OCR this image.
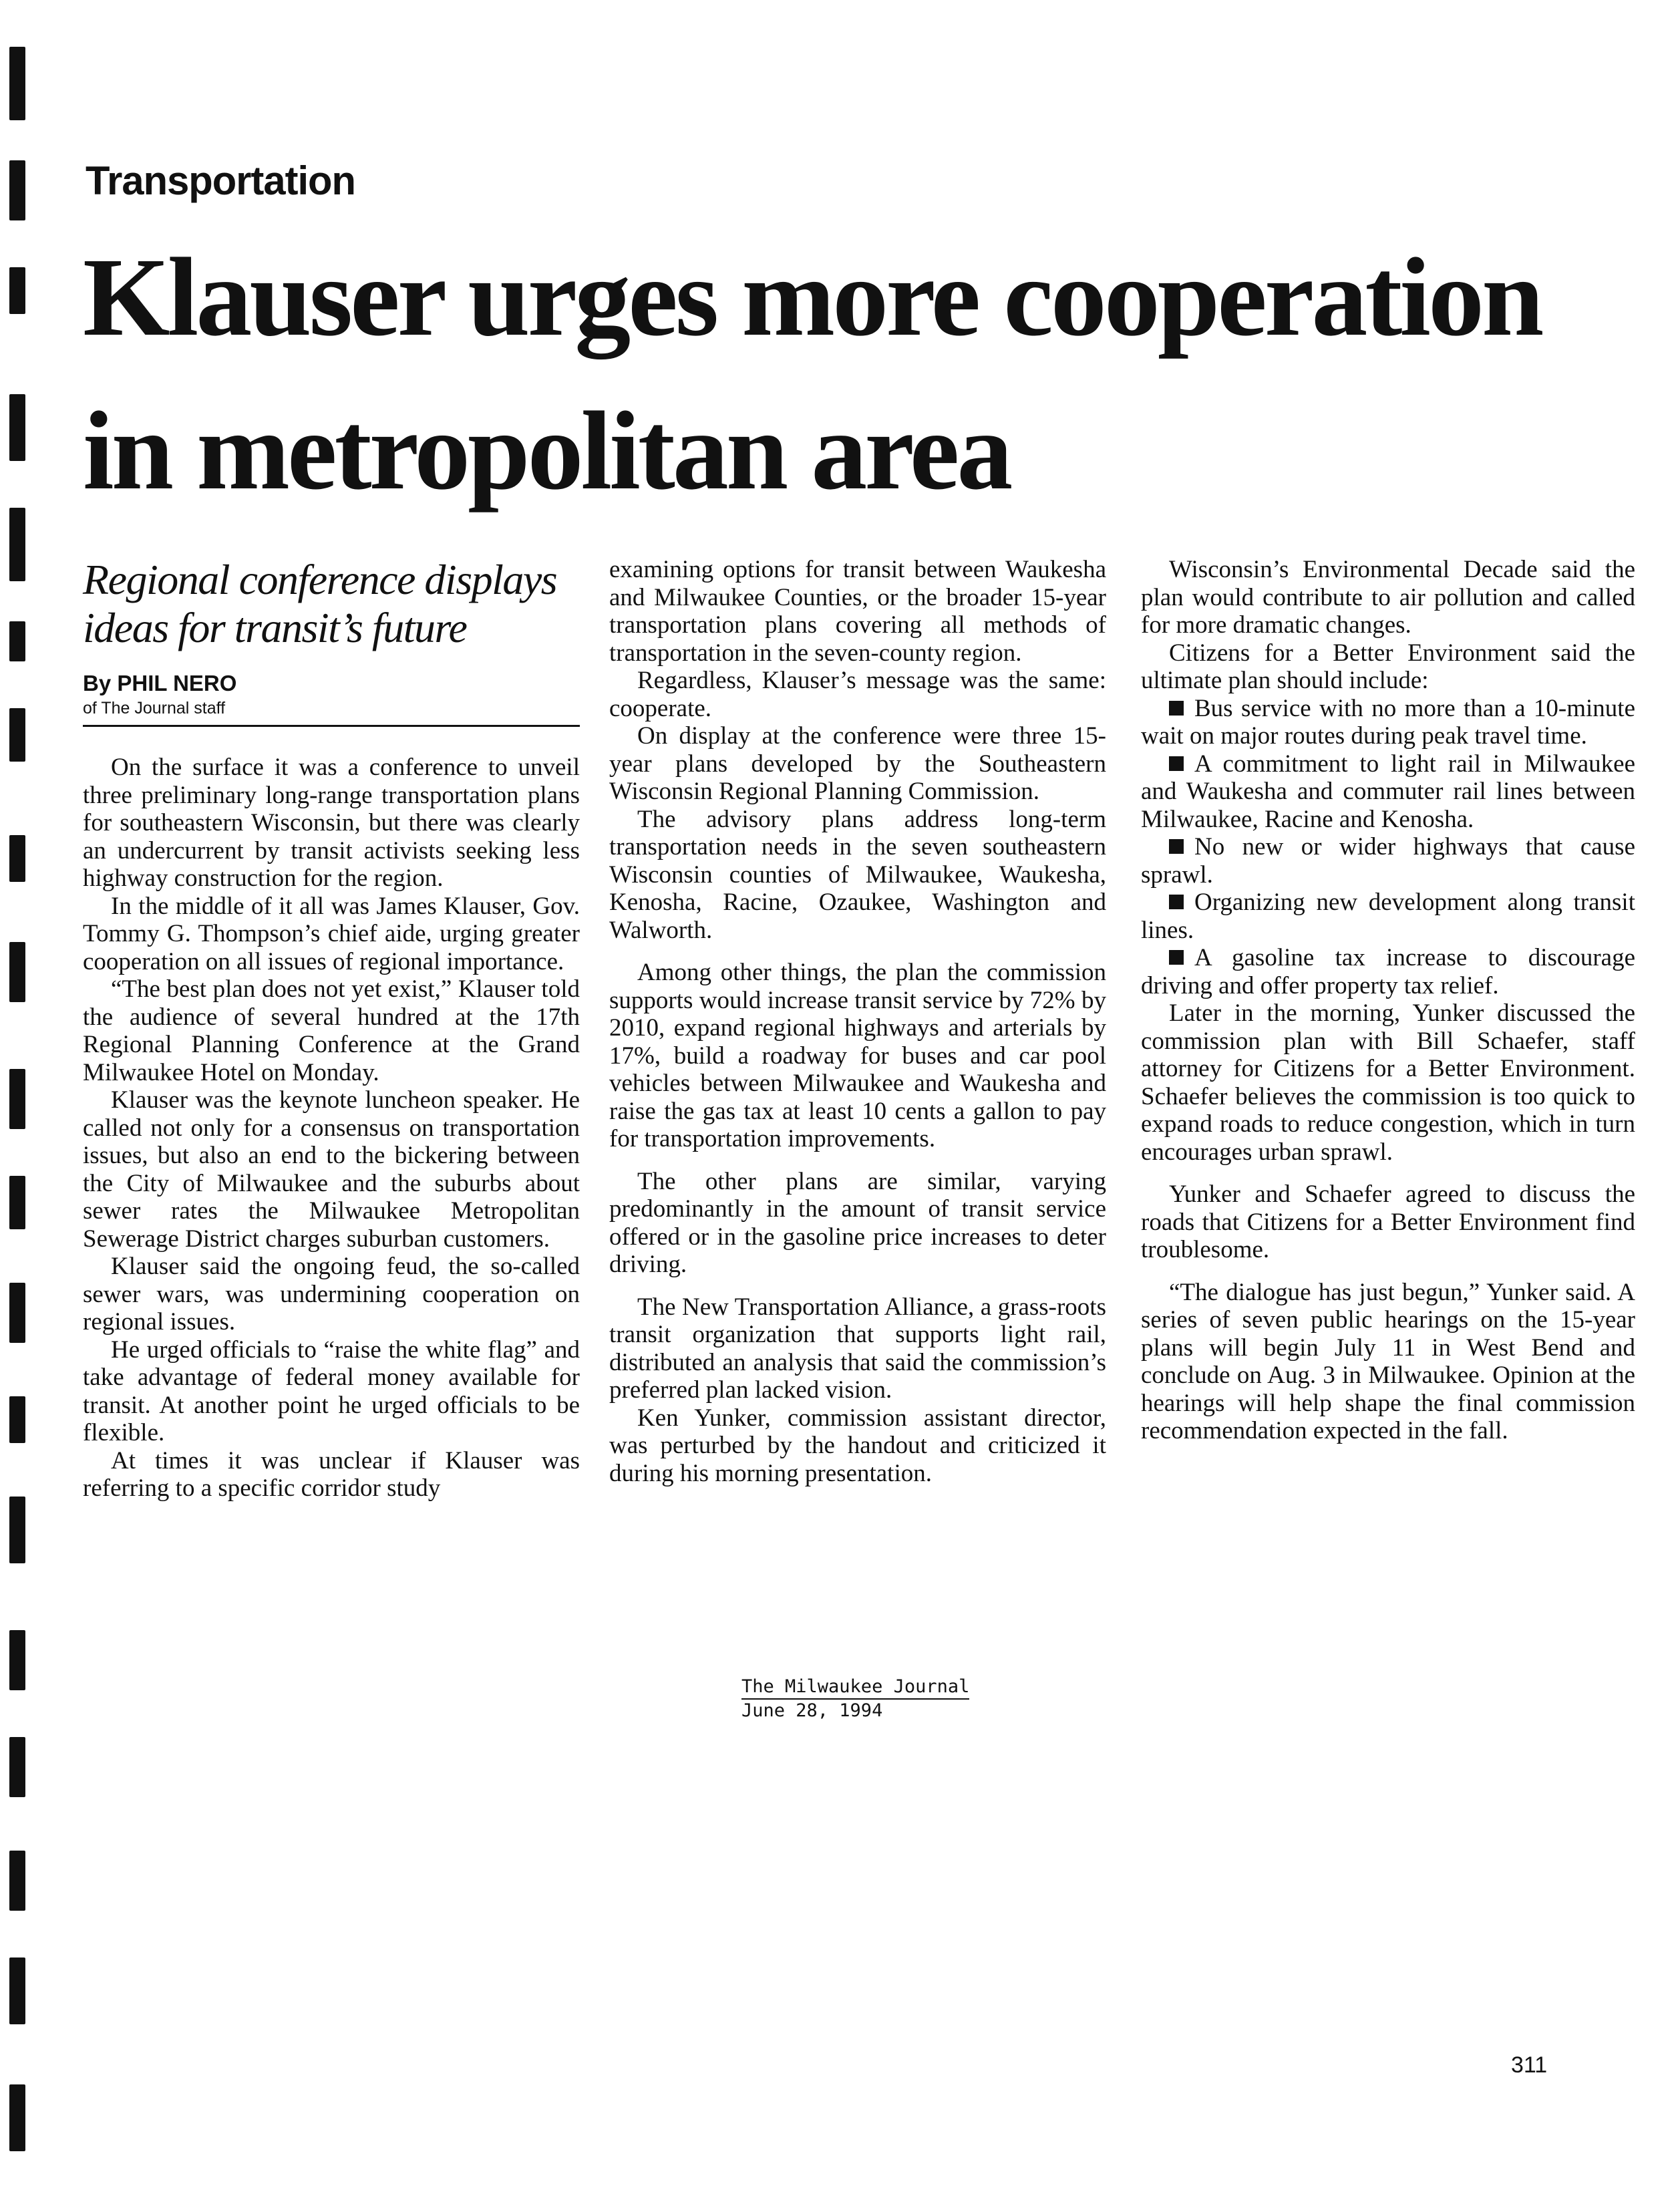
Transportation
Klauser urges more cooperation
in metropolitan area
Regional conference displays
ideas for transit’s future
By PHIL NERO
of The Journal staff

On the surface it was a conference to unveil three preliminary long-range transportation plans for southeastern Wisconsin, but there was clearly an undercurrent by transit activists seeking less highway construction for the region.

In the middle of it all was James Klauser, Gov. Tommy G. Thompson’s chief aide, urging greater cooperation on all issues of regional importance.

“The best plan does not yet exist,” Klauser told the audience of several hundred at the 17th Regional Planning Conference at the Grand Milwaukee Hotel on Monday.

Klauser was the keynote luncheon speaker. He called not only for a consensus on transportation issues, but also an end to the bickering between the City of Milwaukee and the suburbs about sewer rates the Milwaukee Metropolitan Sewerage District charges suburban customers.

Klauser said the ongoing feud, the so-called sewer wars, was undermining cooperation on regional issues.

He urged officials to “raise the white flag” and take advantage of federal money available for transit. At another point he urged officials to be flexible.

At times it was unclear if Klauser was referring to a specific corridor study

examining options for transit between Waukesha and Milwaukee Counties, or the broader 15-year transportation plans covering all methods of transportation in the seven-county region.

Regardless, Klauser’s message was the same: cooperate.

On display at the conference were three 15-year plans developed by the Southeastern Wisconsin Regional Planning Commission.

The advisory plans address long-term transportation needs in the seven southeastern Wisconsin counties of Milwaukee, Waukesha, Kenosha, Racine, Ozaukee, Washington and Walworth.

Among other things, the plan the commission supports would increase transit service by 72% by 2010, expand regional highways and arterials by 17%, build a roadway for buses and car pool vehicles between Milwaukee and Waukesha and raise the gas tax at least 10 cents a gallon to pay for transportation improvements.

The other plans are similar, varying predominantly in the amount of transit service offered or in the gasoline price increases to deter driving.

The New Transportation Alliance, a grass-roots transit organization that supports light rail, distributed an analysis that said the commission’s preferred plan lacked vision.

Ken Yunker, commission assistant director, was perturbed by the handout and criticized it during his morning presentation.

Wisconsin’s Environmental Decade said the plan would contribute to air pollution and called for more dramatic changes.

Citizens for a Better Environment said the ultimate plan should include:

Bus service with no more than a 10-minute wait on major routes during peak travel time.

A commitment to light rail in Milwaukee and Waukesha and commuter rail lines between Milwaukee, Racine and Kenosha.

No new or wider highways that cause sprawl.

Organizing new development along transit lines.

A gasoline tax increase to discourage driving and offer property tax relief.

Later in the morning, Yunker discussed the commission plan with Bill Schaefer, staff attorney for Citizens for a Better Environment. Schaefer believes the commission is too quick to expand roads to reduce congestion, which in turn encourages urban sprawl.

Yunker and Schaefer agreed to discuss the roads that Citizens for a Better Environment find troublesome.

“The dialogue has just begun,” Yunker said. A series of seven public hearings on the 15-year plans will begin July 11 in West Bend and conclude on Aug. 3 in Milwaukee. Opinion at the hearings will help shape the final commission recommendation expected in the fall.

The Milwaukee Journal
June 28, 1994
311
